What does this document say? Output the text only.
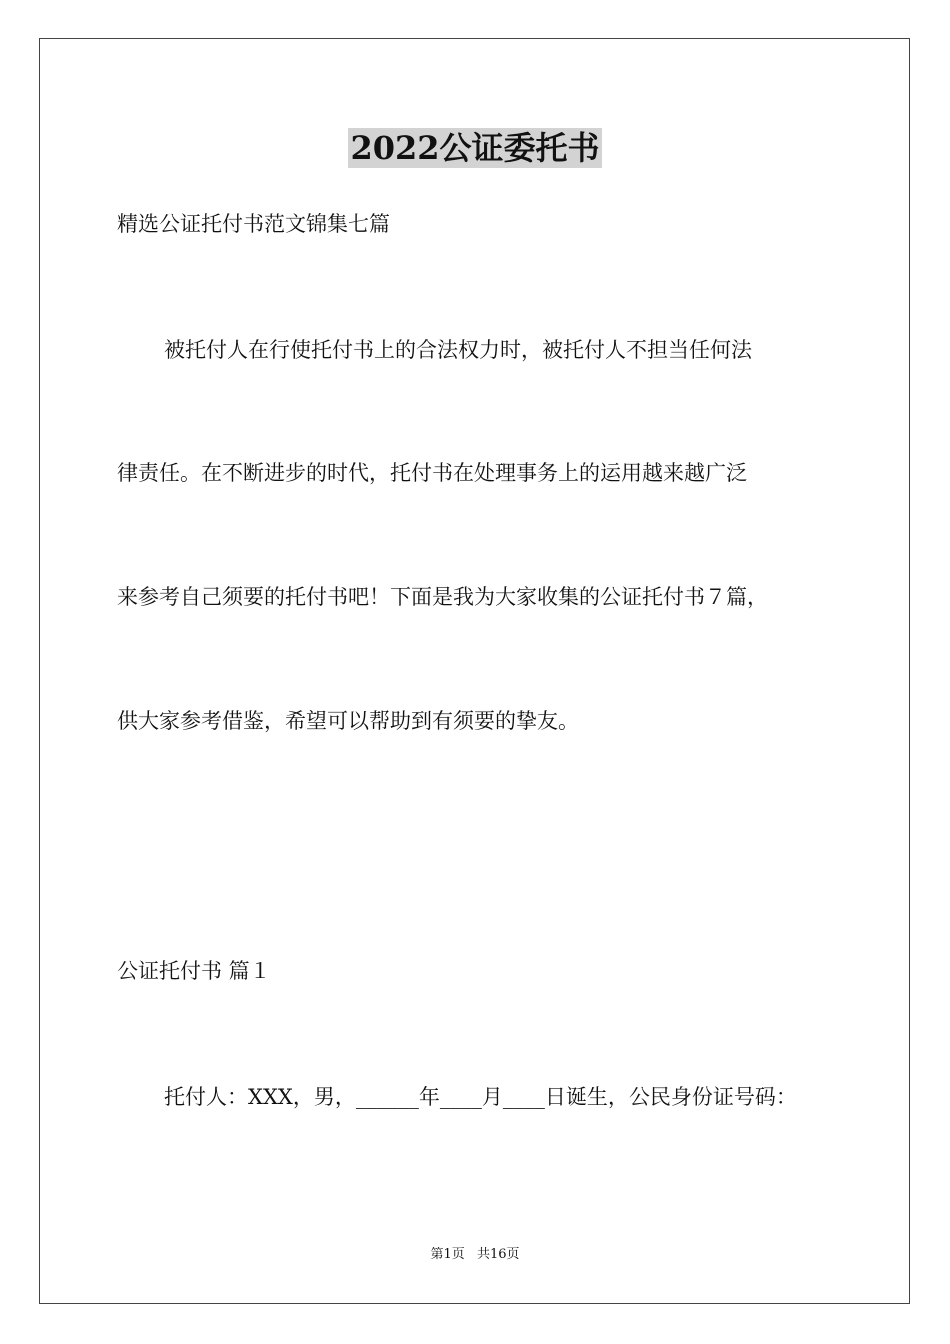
2022公证委托书
精选公证托付书范文锦集七篇
被托付人在行使托付书上的合法权力时，被托付人不担当任何法
律责任。在不断进步的时代，托付书在处理事务上的运用越来越广泛
来参考自己须要的托付书吧！下面是我为大家收集的公证托付书７篇，
供大家参考借鉴，希望可以帮助到有须要的挚友。
公证托付书 篇１
托付人：XXX，男，______年____月____日诞生，公民身份证号码：
第1页 共16页
